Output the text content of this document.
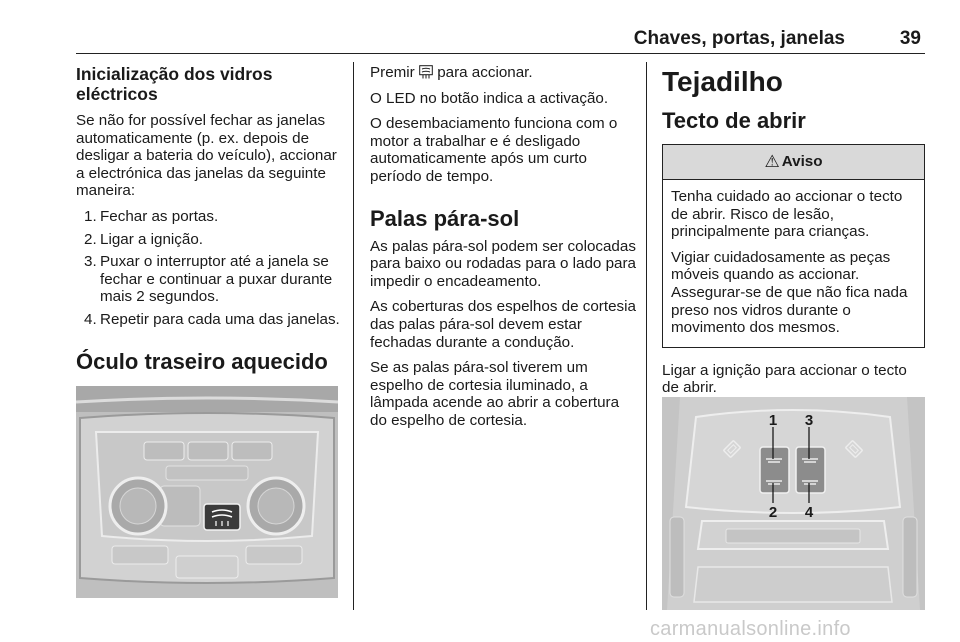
Chaves, portas, janelas	39
Inicialização dos vidros eléctricos

Se não for possível fechar as janelas automaticamente (p. ex. depois de desligar a bateria do veículo), accionar a electrónica das janelas da seguinte maneira:

1. Fechar as portas.
2. Ligar a ignição.
3. Puxar o interruptor até a janela se fechar e continuar a puxar durante mais 2 segundos.
4. Repetir para cada uma das janelas.
Óculo traseiro aquecido

Premir para accionar.

O LED no botão indica a activação.

O desembaciamento funciona com o motor a trabalhar e é desligado automaticamente após um curto período de tempo.

Palas pára-sol

As palas pára-sol podem ser colocadas para baixo ou rodadas para o lado para impedir o encadeamento.

As coberturas dos espelhos de cortesia das palas pára-sol devem estar fechadas durante a condução.

Se as palas pára-sol tiverem um espelho de cortesia iluminado, a lâmpada acende ao abrir a cobertura do espelho de cortesia.

Tejadilho
Tecto de abrir
⚠ Aviso

Tenha cuidado ao accionar o tecto de abrir. Risco de lesão, principalmente para crianças.

Vigiar cuidadosamente as peças móveis quando as accionar. Assegurar-se de que não fica nada preso nos vidros durante o movimento dos mesmos.

Ligar a ignição para accionar o tecto de abrir.

1 3
2 4
carmanualsonline.info
